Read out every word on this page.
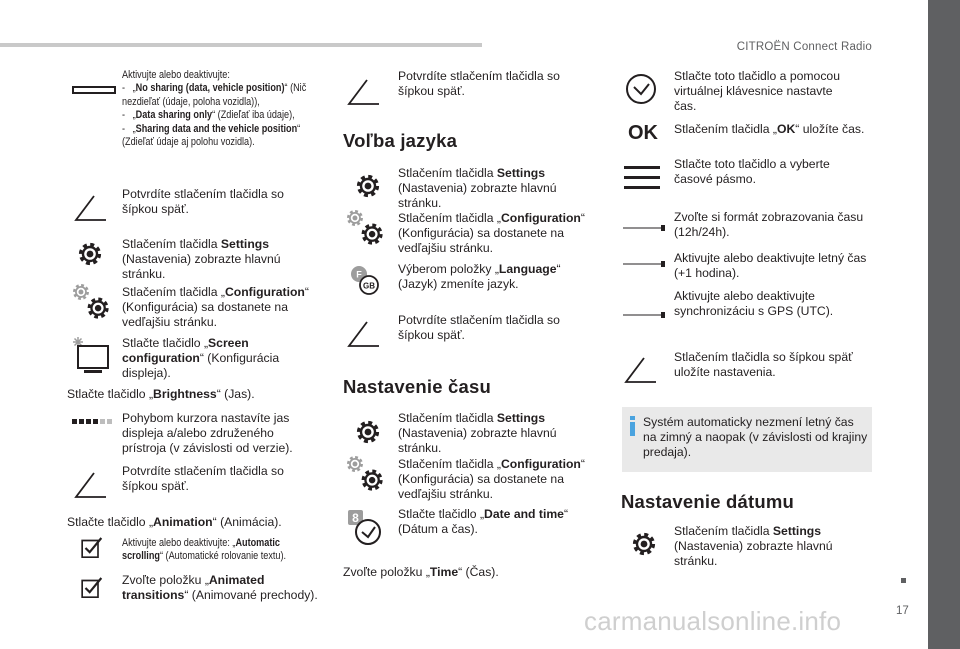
CITROËN Connect Radio
17
carmanualsonline.info
Aktivujte alebo deaktivujte:
-   „No sharing (data, vehicle position)“ (Nič nezdieľať (údaje, poloha vozidla)),
-   „Data sharing only“ (Zdieľať iba údaje),
-   „Sharing data and the vehicle position“ (Zdieľať údaje aj polohu vozidla).
Potvrdíte stlačením tlačidla so šípkou späť.
Stlačením tlačidla Settings (Nastavenia) zobrazte hlavnú stránku.
Stlačením tlačidla „Configuration“ (Konfigurácia) sa dostanete na vedľajšiu stránku.
Stlačte tlačidlo „Screen configuration“ (Konfigurácia displeja).
Stlačte tlačidlo „Brightness“ (Jas).
Pohybom kurzora nastavíte jas displeja a/alebo združeného prístroja (v závislosti od verzie).
Potvrdíte stlačením tlačidla so šípkou späť.
Stlačte tlačidlo „Animation“ (Animácia).
Aktivujte alebo deaktivujte: „Automatic scrolling“ (Automatické rolovanie textu).
Zvoľte položku „Animated transitions“ (Animované prechody).
Potvrdíte stlačením tlačidla so šípkou späť.
Voľba jazyka
Stlačením tlačidla Settings (Nastavenia) zobrazte hlavnú stránku.
Stlačením tlačidla „Configuration“ (Konfigurácia) sa dostanete na vedľajšiu stránku.
F
GB
Výberom položky „Language“ (Jazyk) zmeníte jazyk.
Potvrdíte stlačením tlačidla so šípkou späť.
Nastavenie času
Stlačením tlačidla Settings (Nastavenia) zobrazte hlavnú stránku.
Stlačením tlačidla „Configuration“ (Konfigurácia) sa dostanete na vedľajšiu stránku.
8	Stlačte tlačidlo „Date and time“ (Dátum a čas).
Zvoľte položku „Time“ (Čas).
Stlačte toto tlačidlo a pomocou virtuálnej klávesnice nastavte čas.
OK Stlačením tlačidla „OK“ uložíte čas.
Stlačte toto tlačidlo a vyberte časové pásmo.
Zvoľte si formát zobrazovania času (12h/24h).
Aktivujte alebo deaktivujte letný čas (+1 hodina).
Aktivujte alebo deaktivujte synchronizáciu s GPS (UTC).
Stlačením tlačidla so šípkou späť uložíte nastavenia.
Systém automaticky nezmení letný čas na zimný a naopak (v závislosti od krajiny predaja).
Nastavenie dátumu
Stlačením tlačidla Settings (Nastavenia) zobrazte hlavnú stránku.
